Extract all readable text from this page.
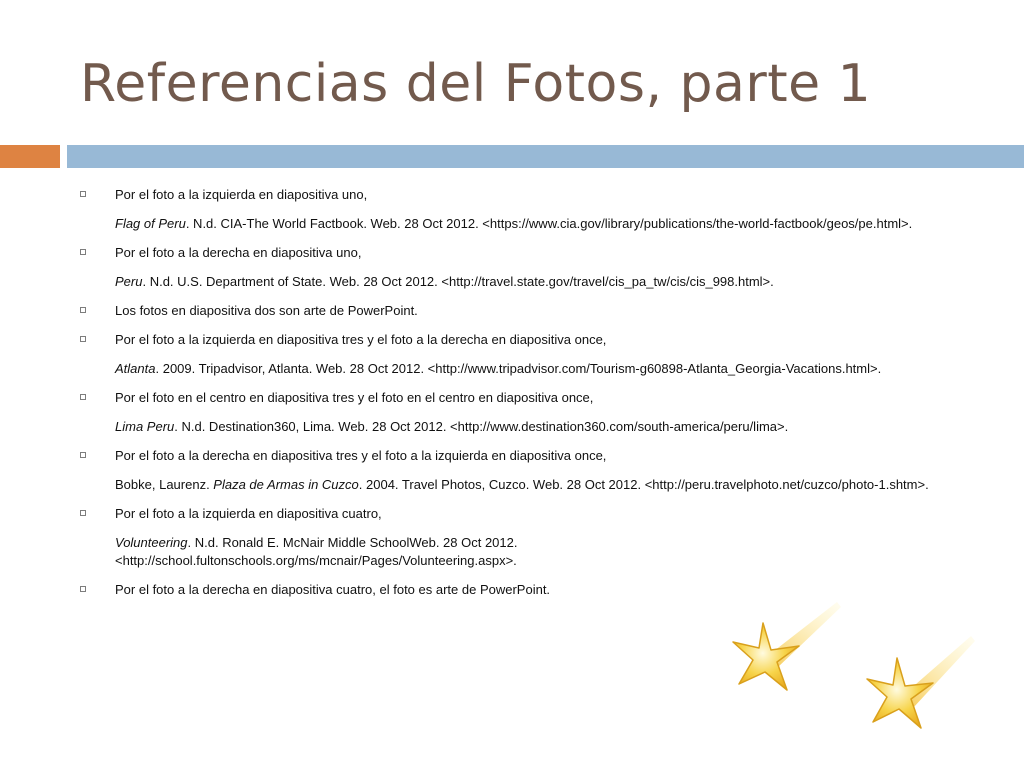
Referencias del Fotos, parte 1
Por el foto a la izquierda en diapositiva uno,
Flag of Peru. N.d. CIA-The World Factbook. Web. 28 Oct 2012. <https://www.cia.gov/library/publications/the-world-factbook/geos/pe.html>.
Por el foto a la derecha en diapositiva uno,
Peru. N.d. U.S. Department of State. Web. 28 Oct 2012. <http://travel.state.gov/travel/cis_pa_tw/cis/cis_998.html>.
Los fotos en diapositiva dos son arte de PowerPoint.
Por el foto a la izquierda en diapositiva tres y el foto a la derecha en diapositiva once,
Atlanta. 2009. Tripadvisor, Atlanta. Web. 28 Oct 2012. <http://www.tripadvisor.com/Tourism-g60898-Atlanta_Georgia-Vacations.html>.
Por el foto en el centro en diapositiva tres y el foto en el centro en diapositiva once,
Lima Peru. N.d. Destination360, Lima. Web. 28 Oct 2012. <http://www.destination360.com/south-america/peru/lima>.
Por el foto a la derecha en diapositiva tres y el foto a la izquierda en diapositiva once,
Bobke, Laurenz. Plaza de Armas in Cuzco. 2004. Travel Photos, Cuzco. Web. 28 Oct 2012. <http://peru.travelphoto.net/cuzco/photo-1.shtm>.
Por el foto a la izquierda en diapositiva cuatro,
Volunteering. N.d. Ronald E. McNair Middle SchoolWeb. 28 Oct 2012. <http://school.fultonschools.org/ms/mcnair/Pages/Volunteering.aspx>.
Por el foto a la derecha en diapositiva cuatro, el foto es arte de PowerPoint.
